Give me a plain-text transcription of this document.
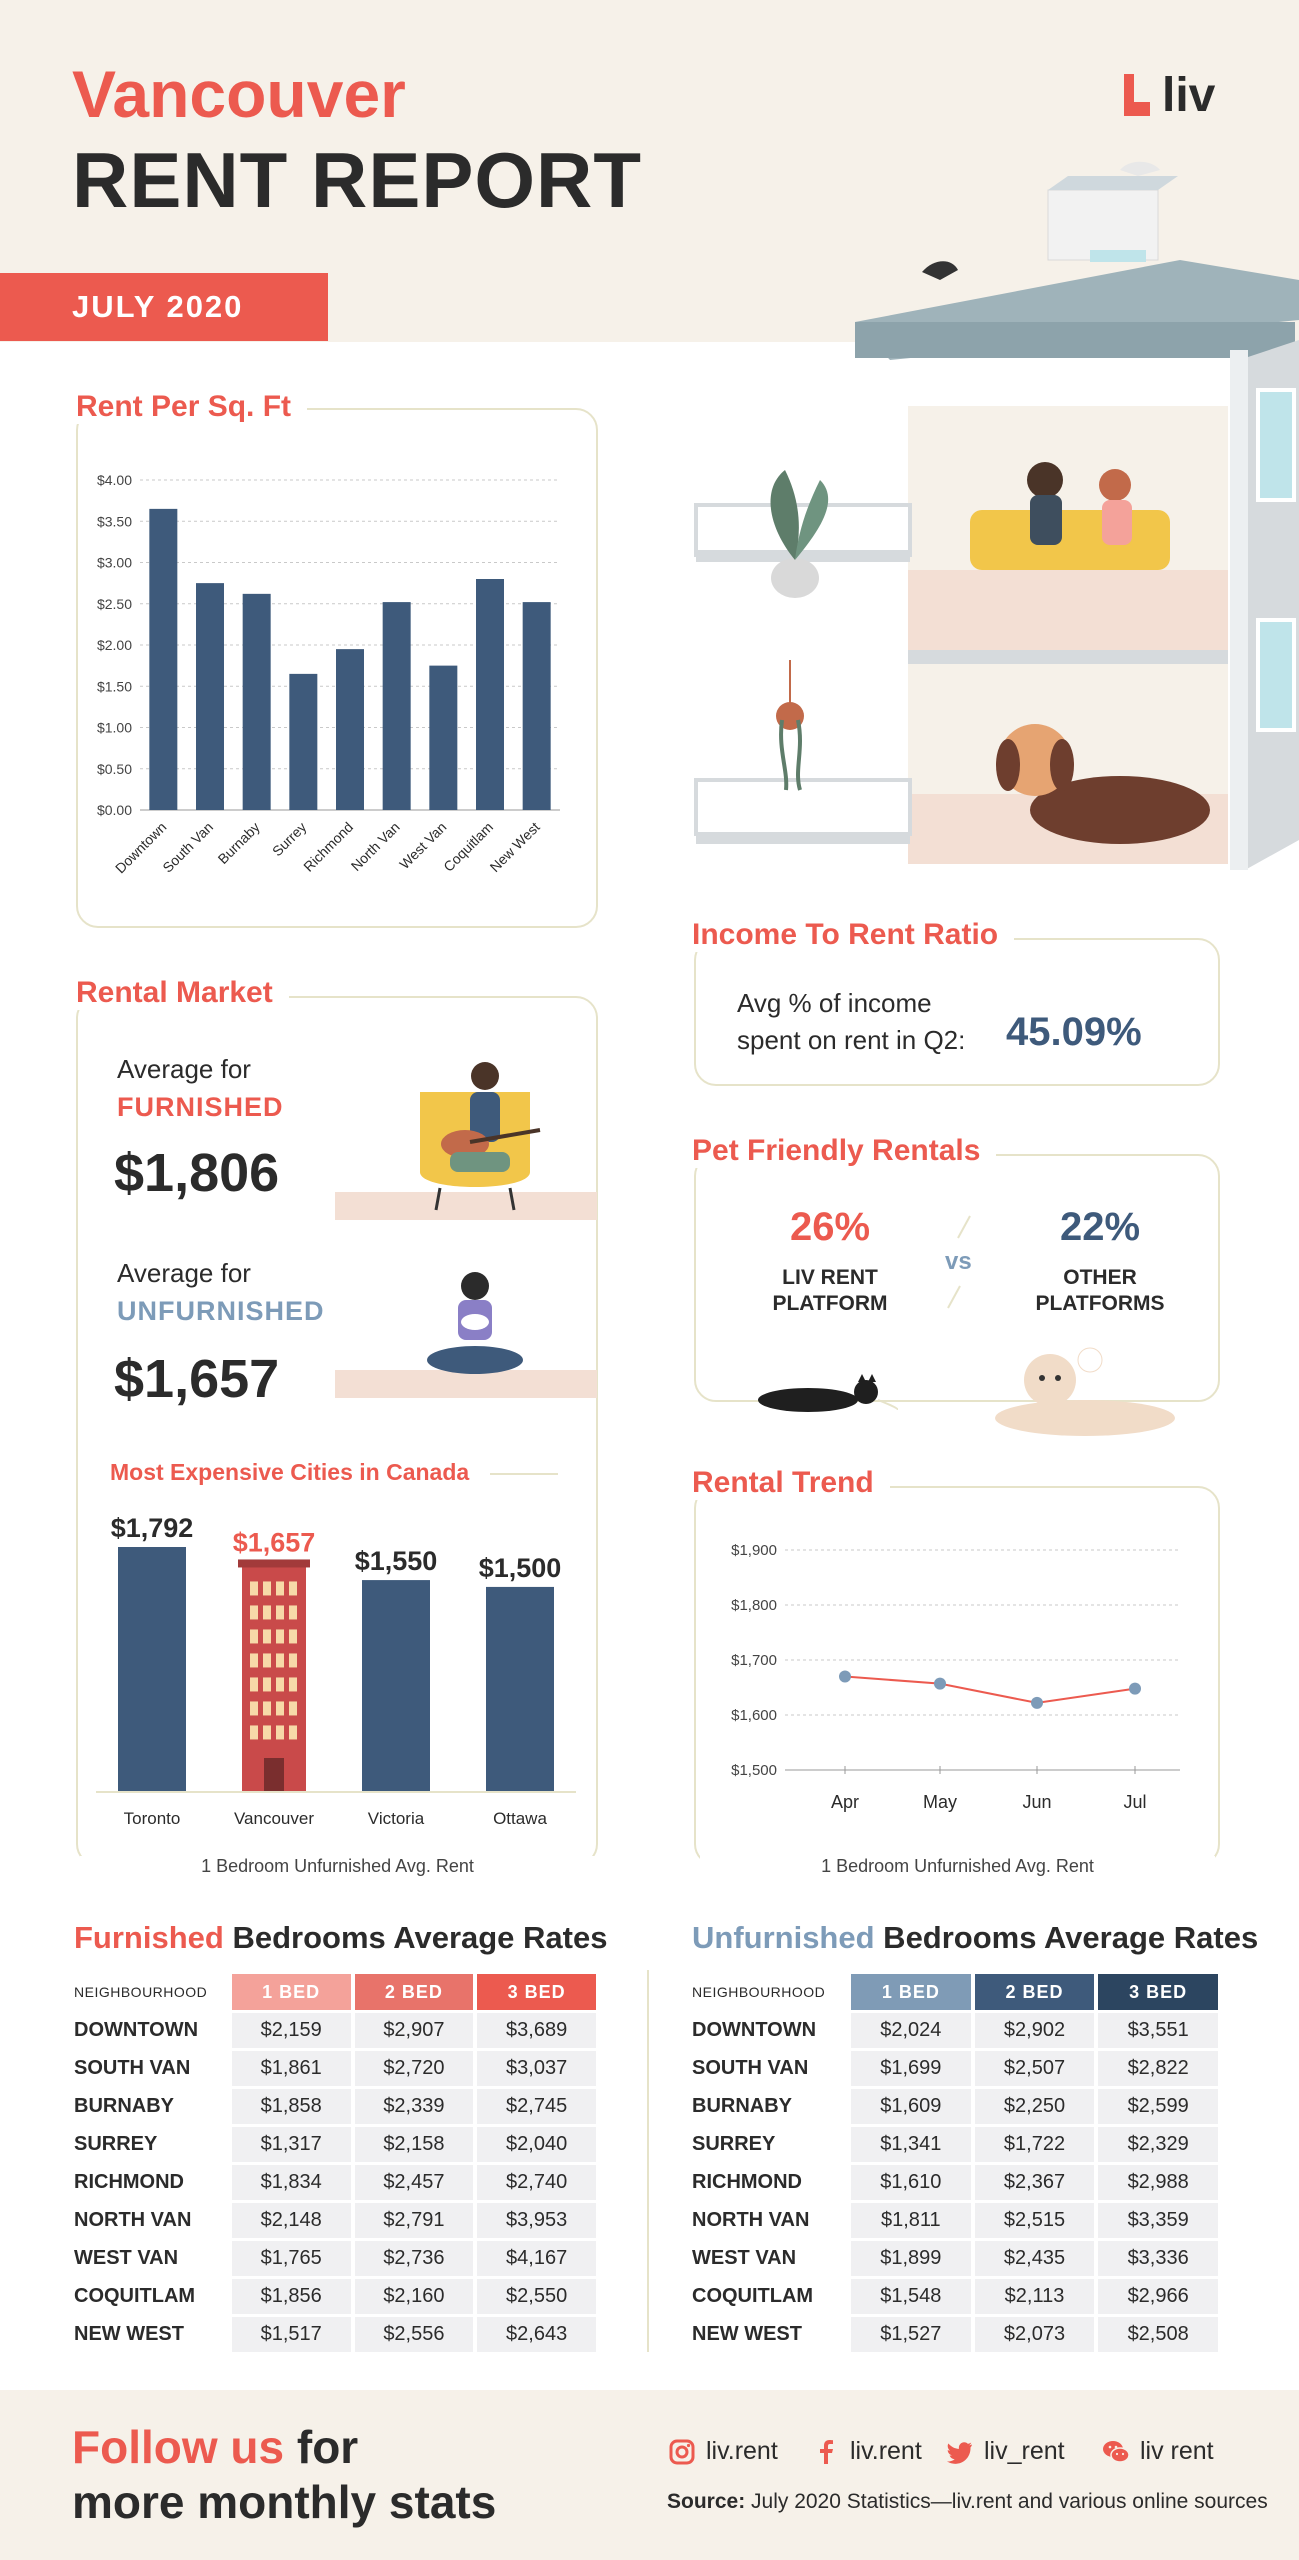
Vancouver
RENT REPORT
JULY 2020
liv
Rent Per Sq. Ft
$0.00
$0.50
$1.00
$1.50
$2.00
$2.50
$3.00
$3.50
$4.00
Downtown
South Van
Burnaby Surrey
Richmond
North Van
West Van
Coquitlam
New West
Income To Rent Ratio
Avg % of income
spent on rent in Q2: 45.09%
Pet Friendly Rentals
26%
LIV RENT
PLATFORM
vs
22%
OTHER
PLATFORMS
Rental Market
Average for
FURNISHED
$1,806
Average for
UNFURNISHED
$1,657
Most Expensive Cities in Canada
$1,792
Toronto
$1,657
Vancouver
$1,550
Victoria
$1,500
Ottawa
1 Bedroom Unfurnished Avg. Rent
Rental Trend
$1,500
$1,600
$1,700
$1,800
$1,900
Apr	May	Jun	Jul
1 Bedroom Unfurnished Avg. Rent
Furnished Bedrooms Average Rates
NEIGHBOURHOOD	1 BED	2 BED	3 BED
DOWNTOWN	$2,159	$2,907	$3,689
SOUTH VAN	$1,861	$2,720	$3,037
BURNABY	$1,858	$2,339	$2,745
SURREY	$1,317	$2,158	$2,040
RICHMOND	$1,834	$2,457	$2,740
NORTH VAN	$2,148	$2,791	$3,953
WEST VAN	$1,765	$2,736	$4,167
COQUITLAM	$1,856	$2,160	$2,550
NEW WEST	$1,517	$2,556	$2,643
Unfurnished Bedrooms Average Rates
NEIGHBOURHOOD	1 BED	2 BED	3 BED
DOWNTOWN	$2,024	$2,902	$3,551
SOUTH VAN	$1,699	$2,507	$2,822
BURNABY	$1,609	$2,250	$2,599
SURREY	$1,341	$1,722	$2,329
RICHMOND	$1,610	$2,367	$2,988
NORTH VAN	$1,811	$2,515	$3,359
WEST VAN	$1,899	$2,435	$3,336
COQUITLAM	$1,548	$2,113	$2,966
NEW WEST	$1,527	$2,073	$2,508
Follow us for
more monthly stats
liv.rent	liv.rent liv_rent	liv rent
Source: July 2020 Statistics—liv.rent and various online sources
